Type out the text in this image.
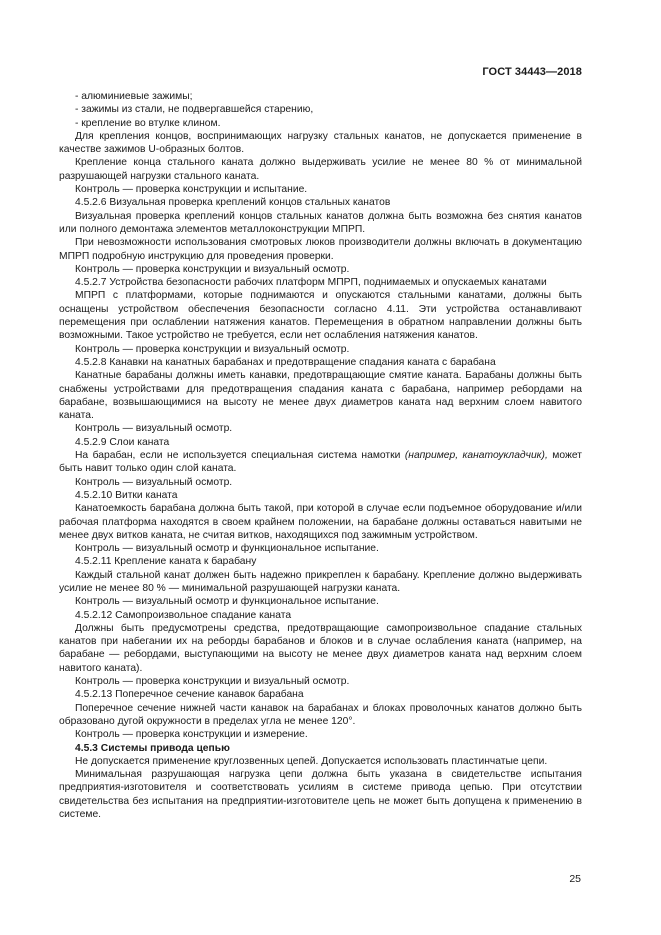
ГОСТ 34443—2018

- алюминиевые зажимы;

- зажимы из стали, не подвергавшейся старению,

- крепление во втулке клином.

Для крепления концов, воспринимающих нагрузку стальных канатов, не допускается применение в качестве зажимов U-образных болтов.

Крепление конца стального каната должно выдерживать усилие не менее 80 % от минимальной разрушающей нагрузки стального каната.

Контроль — проверка конструкции и испытание.

4.5.2.6 Визуальная проверка креплений концов стальных канатов

Визуальная проверка креплений концов стальных канатов должна быть возможна без снятия канатов или полного демонтажа элементов металлоконструкции МПРП.

При невозможности использования смотровых люков производители должны включать в документацию МПРП подробную инструкцию для проведения проверки.

Контроль — проверка конструкции и визуальный осмотр.

4.5.2.7 Устройства безопасности рабочих платформ МПРП, поднимаемых и опускаемых канатами

МПРП с платформами, которые поднимаются и опускаются стальными канатами, должны быть оснащены устройством обеспечения безопасности согласно 4.11. Эти устройства останавливают перемещения при ослаблении натяжения канатов. Перемещения в обратном направлении должны быть возможными. Такое устройство не требуется, если нет ослабления натяжения канатов.

Контроль — проверка конструкции и визуальный осмотр.

4.5.2.8 Канавки на канатных барабанах и предотвращение спадания каната с барабана

Канатные барабаны должны иметь канавки, предотвращающие смятие каната. Барабаны должны быть снабжены устройствами для предотвращения спадания каната с барабана, например ребордами на барабане, возвышающимися на высоту не менее двух диаметров каната над верхним слоем навитого каната.

Контроль — визуальный осмотр.

4.5.2.9 Слои каната

На барабан, если не используется специальная система намотки (например, канатоукладчик), может быть навит только один слой каната.

Контроль — визуальный осмотр.

4.5.2.10 Витки каната

Канатоемкость барабана должна быть такой, при которой в случае если подъемное оборудование и/или рабочая платформа находятся в своем крайнем положении, на барабане должны оставаться навитыми не менее двух витков каната, не считая витков, находящихся под зажимным устройством.

Контроль — визуальный осмотр и функциональное испытание.

4.5.2.11 Крепление каната к барабану

Каждый стальной канат должен быть надежно прикреплен к барабану. Крепление должно выдерживать усилие не менее 80 % — минимальной разрушающей нагрузки каната.

Контроль — визуальный осмотр и функциональное испытание.

4.5.2.12 Самопроизвольное спадание каната

Должны быть предусмотрены средства, предотвращающие самопроизвольное спадание стальных канатов при набегании их на реборды барабанов и блоков и в случае ослабления каната (например, на барабане — ребордами, выступающими на высоту не менее двух диаметров каната над верхним слоем навитого каната).

Контроль — проверка конструкции и визуальный осмотр.

4.5.2.13 Поперечное сечение канавок барабана

Поперечное сечение нижней части канавок на барабанах и блоках проволочных канатов должно быть образовано дугой окружности в пределах угла не менее 120°.

Контроль — проверка конструкции и измерение.

4.5.3 Системы привода цепью

Не допускается применение круглозвенных цепей. Допускается использовать пластинчатые цепи.

Минимальная разрушающая нагрузка цепи должна быть указана в свидетельстве испытания предприятия-изготовителя и соответствовать усилиям в системе привода цепью. При отсутствии свидетельства без испытания на предприятии-изготовителе цепь не может быть допущена к применению в системе.

25
